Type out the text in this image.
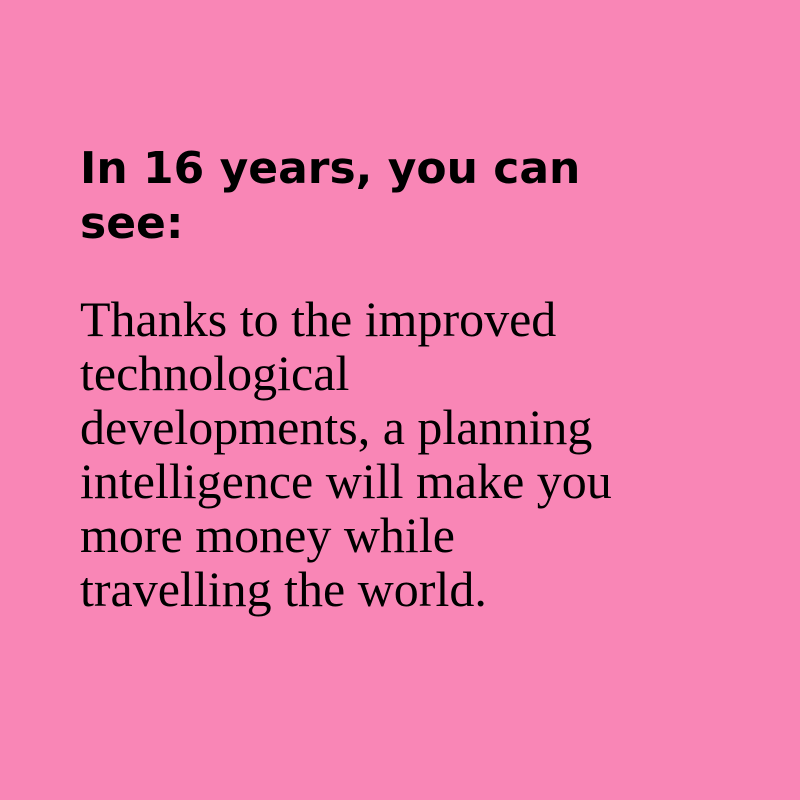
In 16 years, you can
see:

Thanks to the improved
technological
developments, a planning
intelligence will make you
more money while
travelling the world.
